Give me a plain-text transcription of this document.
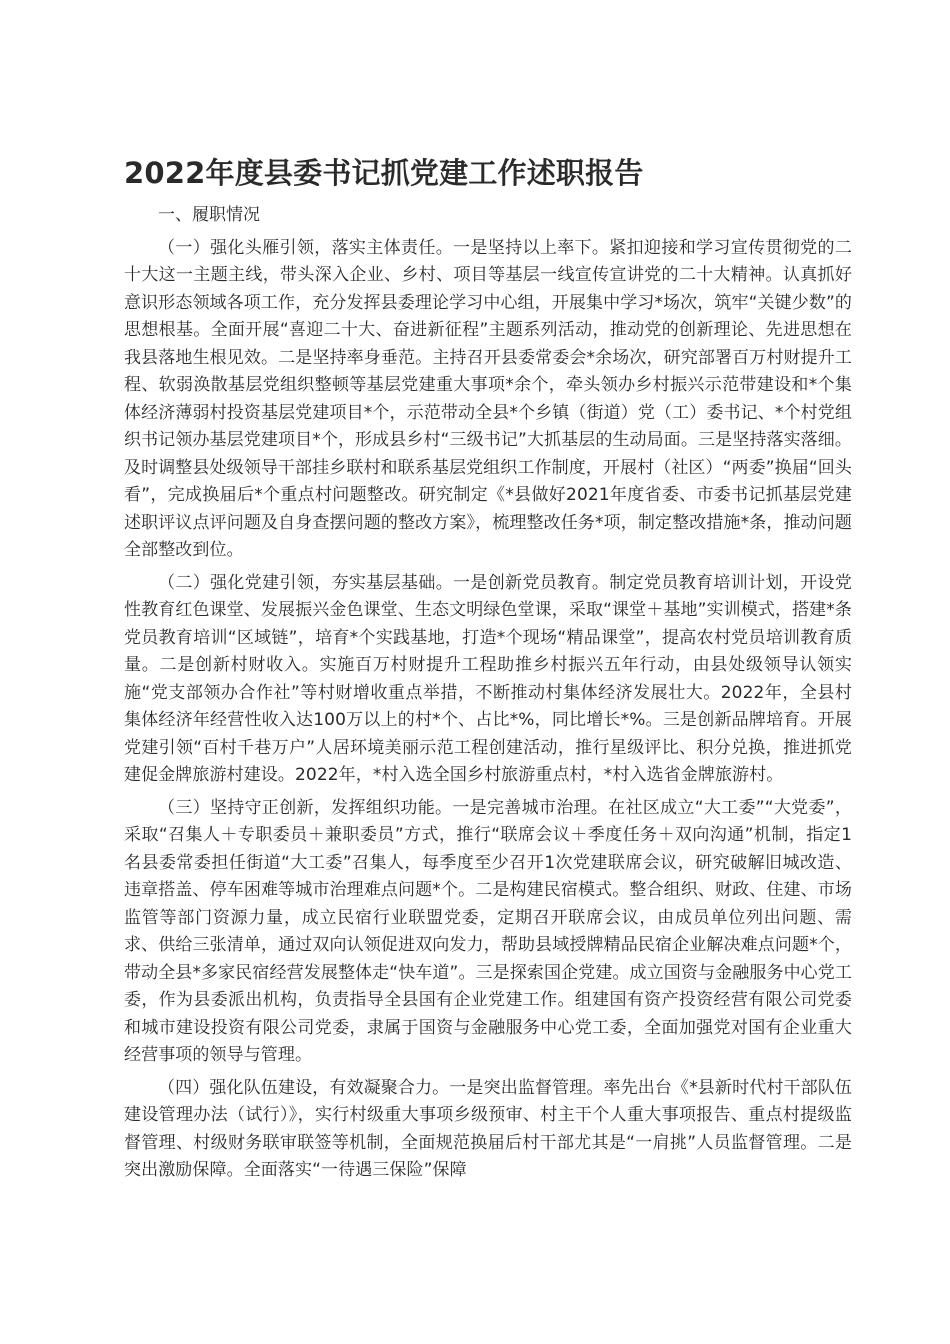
2022年度县委书记抓党建工作述职报告
一、履职情况

（一）强化头雁引领，落实主体责任。一是坚持以上率下。紧扣迎接和学习宣传贯彻党的二十大这一主题主线，带头深入企业、乡村、项目等基层一线宣传宣讲党的二十大精神。认真抓好意识形态领域各项工作，充分发挥县委理论学习中心组，开展集中学习*场次，筑牢“关键少数”的思想根基。全面开展“喜迎二十大、奋进新征程”主题系列活动，推动党的创新理论、先进思想在我县落地生根见效。二是坚持率身垂范。主持召开县委常委会*余场次，研究部署百万村财提升工程、软弱涣散基层党组织整顿等基层党建重大事项*余个，牵头领办乡村振兴示范带建设和*个集体经济薄弱村投资基层党建项目*个，示范带动全县*个乡镇（街道）党（工）委书记、*个村党组织书记领办基层党建项目*个，形成县乡村“三级书记”大抓基层的生动局面。三是坚持落实落细。及时调整县处级领导干部挂乡联村和联系基层党组织工作制度，开展村（社区）“两委”换届“回头看”，完成换届后*个重点村问题整改。研究制定《*县做好2021年度省委、市委书记抓基层党建述职评议点评问题及自身查摆问题的整改方案》，梳理整改任务*项，制定整改措施*条，推动问题全部整改到位。

（二）强化党建引领，夯实基层基础。一是创新党员教育。制定党员教育培训计划，开设党性教育红色课堂、发展振兴金色课堂、生态文明绿色堂课，采取“课堂＋基地”实训模式，搭建*条党员教育培训“区域链”，培育*个实践基地，打造*个现场“精品课堂”，提高农村党员培训教育质量。二是创新村财收入。实施百万村财提升工程助推乡村振兴五年行动，由县处级领导认领实施“党支部领办合作社”等村财增收重点举措，不断推动村集体经济发展壮大。2022年，全县村集体经济年经营性收入达100万以上的村*个、占比*%，同比增长*%。三是创新品牌培育。开展党建引领“百村千巷万户”人居环境美丽示范工程创建活动，推行星级评比、积分兑换，推进抓党建促金牌旅游村建设。2022年，*村入选全国乡村旅游重点村，*村入选省金牌旅游村。

（三）坚持守正创新，发挥组织功能。一是完善城市治理。在社区成立“大工委”“大党委”，采取“召集人＋专职委员＋兼职委员”方式，推行“联席会议＋季度任务＋双向沟通”机制，指定1名县委常委担任街道“大工委”召集人，每季度至少召开1次党建联席会议，研究破解旧城改造、违章搭盖、停车困难等城市治理难点问题*个。二是构建民宿模式。整合组织、财政、住建、市场监管等部门资源力量，成立民宿行业联盟党委，定期召开联席会议，由成员单位列出问题、需求、供给三张清单，通过双向认领促进双向发力，帮助县域授牌精品民宿企业解决难点问题*个，带动全县*多家民宿经营发展整体走“快车道”。三是探索国企党建。成立国资与金融服务中心党工委，作为县委派出机构，负责指导全县国有企业党建工作。组建国有资产投资经营有限公司党委和城市建设投资有限公司党委，隶属于国资与金融服务中心党工委，全面加强党对国有企业重大经营事项的领导与管理。

（四）强化队伍建设，有效凝聚合力。一是突出监督管理。率先出台《*县新时代村干部队伍建设管理办法（试行）》，实行村级重大事项乡级预审、村主干个人重大事项报告、重点村提级监督管理、村级财务联审联签等机制，全面规范换届后村干部尤其是“一肩挑”人员监督管理。二是突出激励保障。全面落实“一待遇三保险”保障
